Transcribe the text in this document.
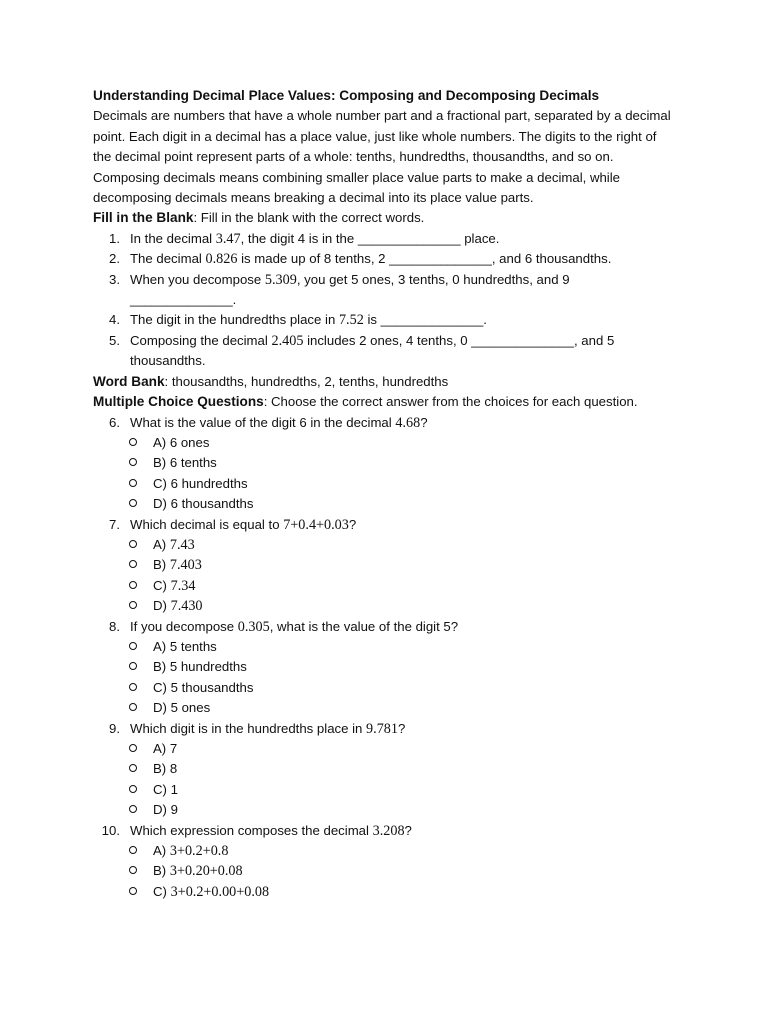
Understanding Decimal Place Values: Composing and Decomposing Decimals

Decimals are numbers that have a whole number part and a fractional part, separated by a decimal point. Each digit in a decimal has a place value, just like whole numbers. The digits to the right of the decimal point represent parts of a whole: tenths, hundredths, thousandths, and so on. Composing decimals means combining smaller place value parts to make a decimal, while decomposing decimals means breaking a decimal into its place value parts.

Fill in the Blank: Fill in the blank with the correct words.

1. In the decimal 3.47, the digit 4 is in the ______________ place.
2. The decimal 0.826 is made up of 8 tenths, 2 ______________, and 6 thousandths.
3. When you decompose 5.309, you get 5 ones, 3 tenths, 0 hundredths, and 9 ______________.
4. The digit in the hundredths place in 7.52 is ______________.
5. Composing the decimal 2.405 includes 2 ones, 4 tenths, 0 ______________, and 5 thousandths.

Word Bank: thousandths, hundredths, 2, tenths, hundredths

Multiple Choice Questions: Choose the correct answer from the choices for each question.

6. What is the value of the digit 6 in the decimal 4.68?
A) 6 ones
B) 6 tenths
C) 6 hundredths
D) 6 thousandths
7. Which decimal is equal to 7+0.4+0.03?
A) 7.43
B) 7.403
C) 7.34
D) 7.430
8. If you decompose 0.305, what is the value of the digit 5?
A) 5 tenths
B) 5 hundredths
C) 5 thousandths
D) 5 ones
9. Which digit is in the hundredths place in 9.781?
A) 7
B) 8
C) 1
D) 9
10. Which expression composes the decimal 3.208?
A) 3+0.2+0.8
B) 3+0.20+0.08
C) 3+0.2+0.00+0.08
